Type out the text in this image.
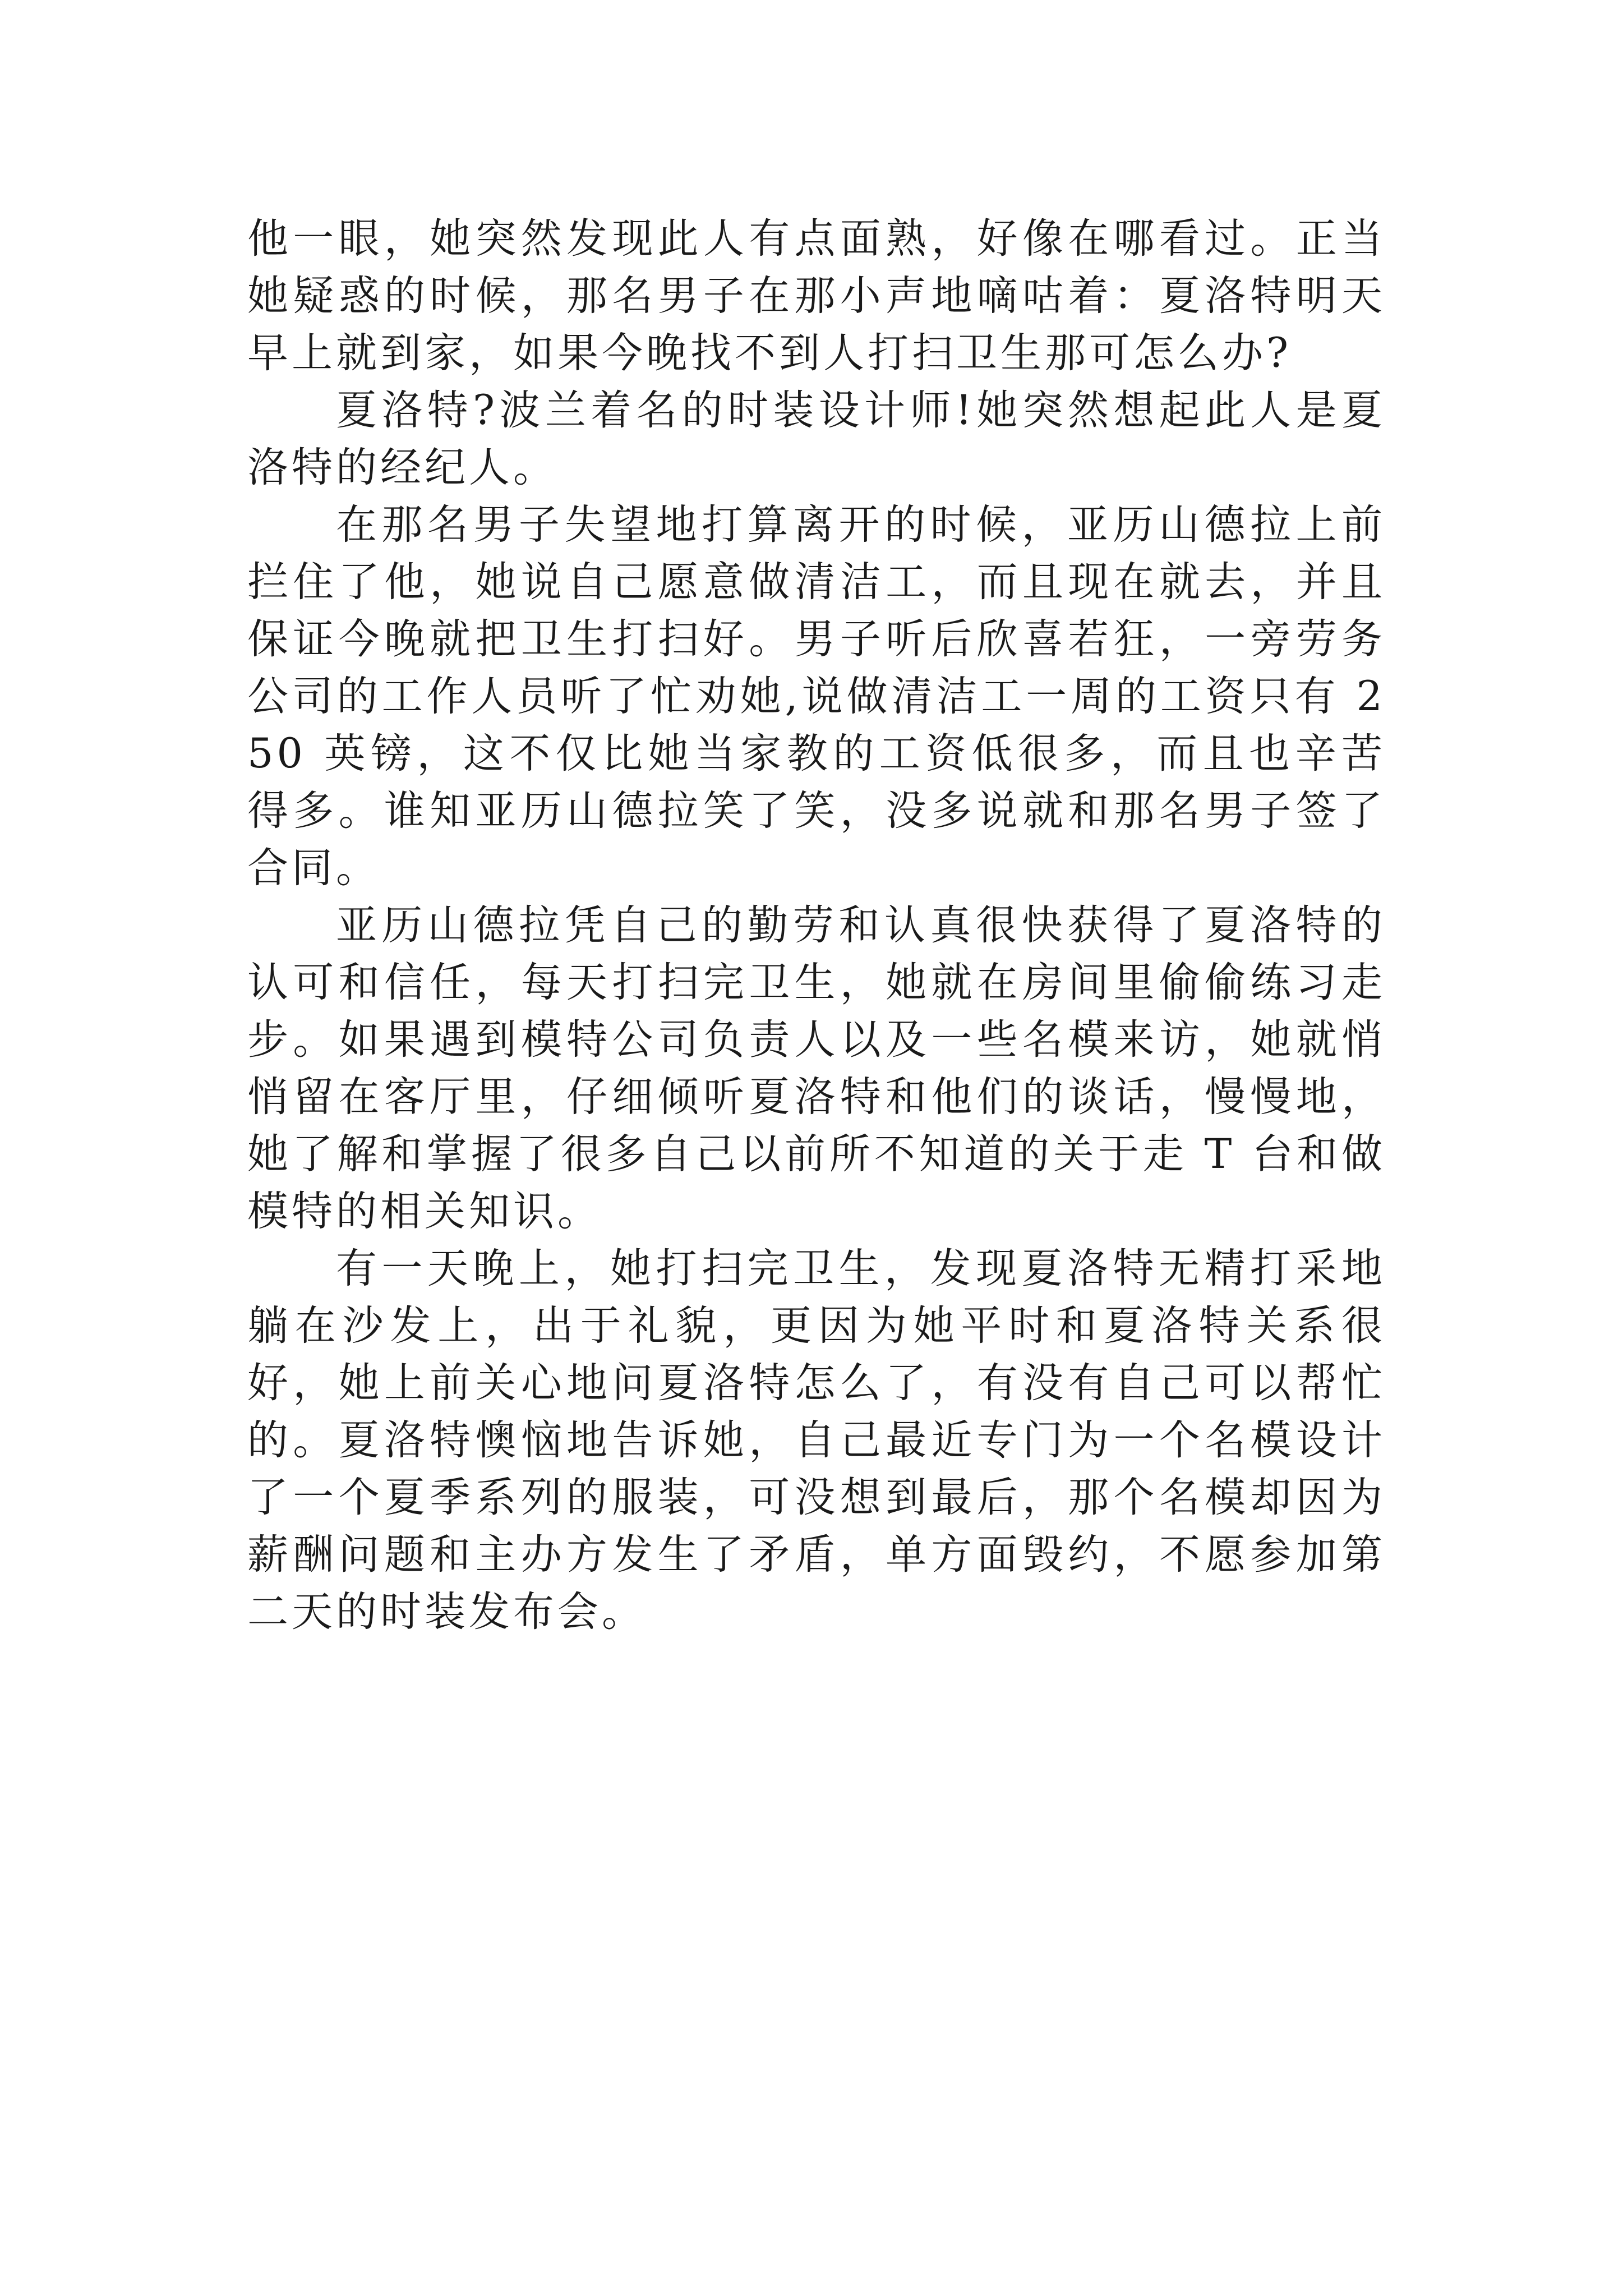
他一眼，她突然发现此人有点面熟，好像在哪看过。正当她疑惑的时候，那名男子在那小声地嘀咕着：夏洛特明天早上就到家，如果今晚找不到人打扫卫生那可怎么办?

夏洛特?波兰着名的时装设计师!她突然想起此人是夏洛特的经纪人。

在那名男子失望地打算离开的时候，亚历山德拉上前拦住了他，她说自己愿意做清洁工，而且现在就去，并且保证今晚就把卫生打扫好。男子听后欣喜若狂，一旁劳务公司的工作人员听了忙劝她,说做清洁工一周的工资只有 250 英镑，这不仅比她当家教的工资低很多，而且也辛苦得多。谁知亚历山德拉笑了笑，没多说就和那名男子签了合同。

亚历山德拉凭自己的勤劳和认真很快获得了夏洛特的认可和信任，每天打扫完卫生，她就在房间里偷偷练习走步。如果遇到模特公司负责人以及一些名模来访，她就悄悄留在客厅里，仔细倾听夏洛特和他们的谈话，慢慢地，她了解和掌握了很多自己以前所不知道的关于走 T 台和做模特的相关知识。

有一天晚上，她打扫完卫生，发现夏洛特无精打采地躺在沙发上，出于礼貌，更因为她平时和夏洛特关系很好，她上前关心地问夏洛特怎么了，有没有自己可以帮忙的。夏洛特懊恼地告诉她，自己最近专门为一个名模设计了一个夏季系列的服装，可没想到最后，那个名模却因为薪酬问题和主办方发生了矛盾，单方面毁约，不愿参加第二天的时装发布会。
